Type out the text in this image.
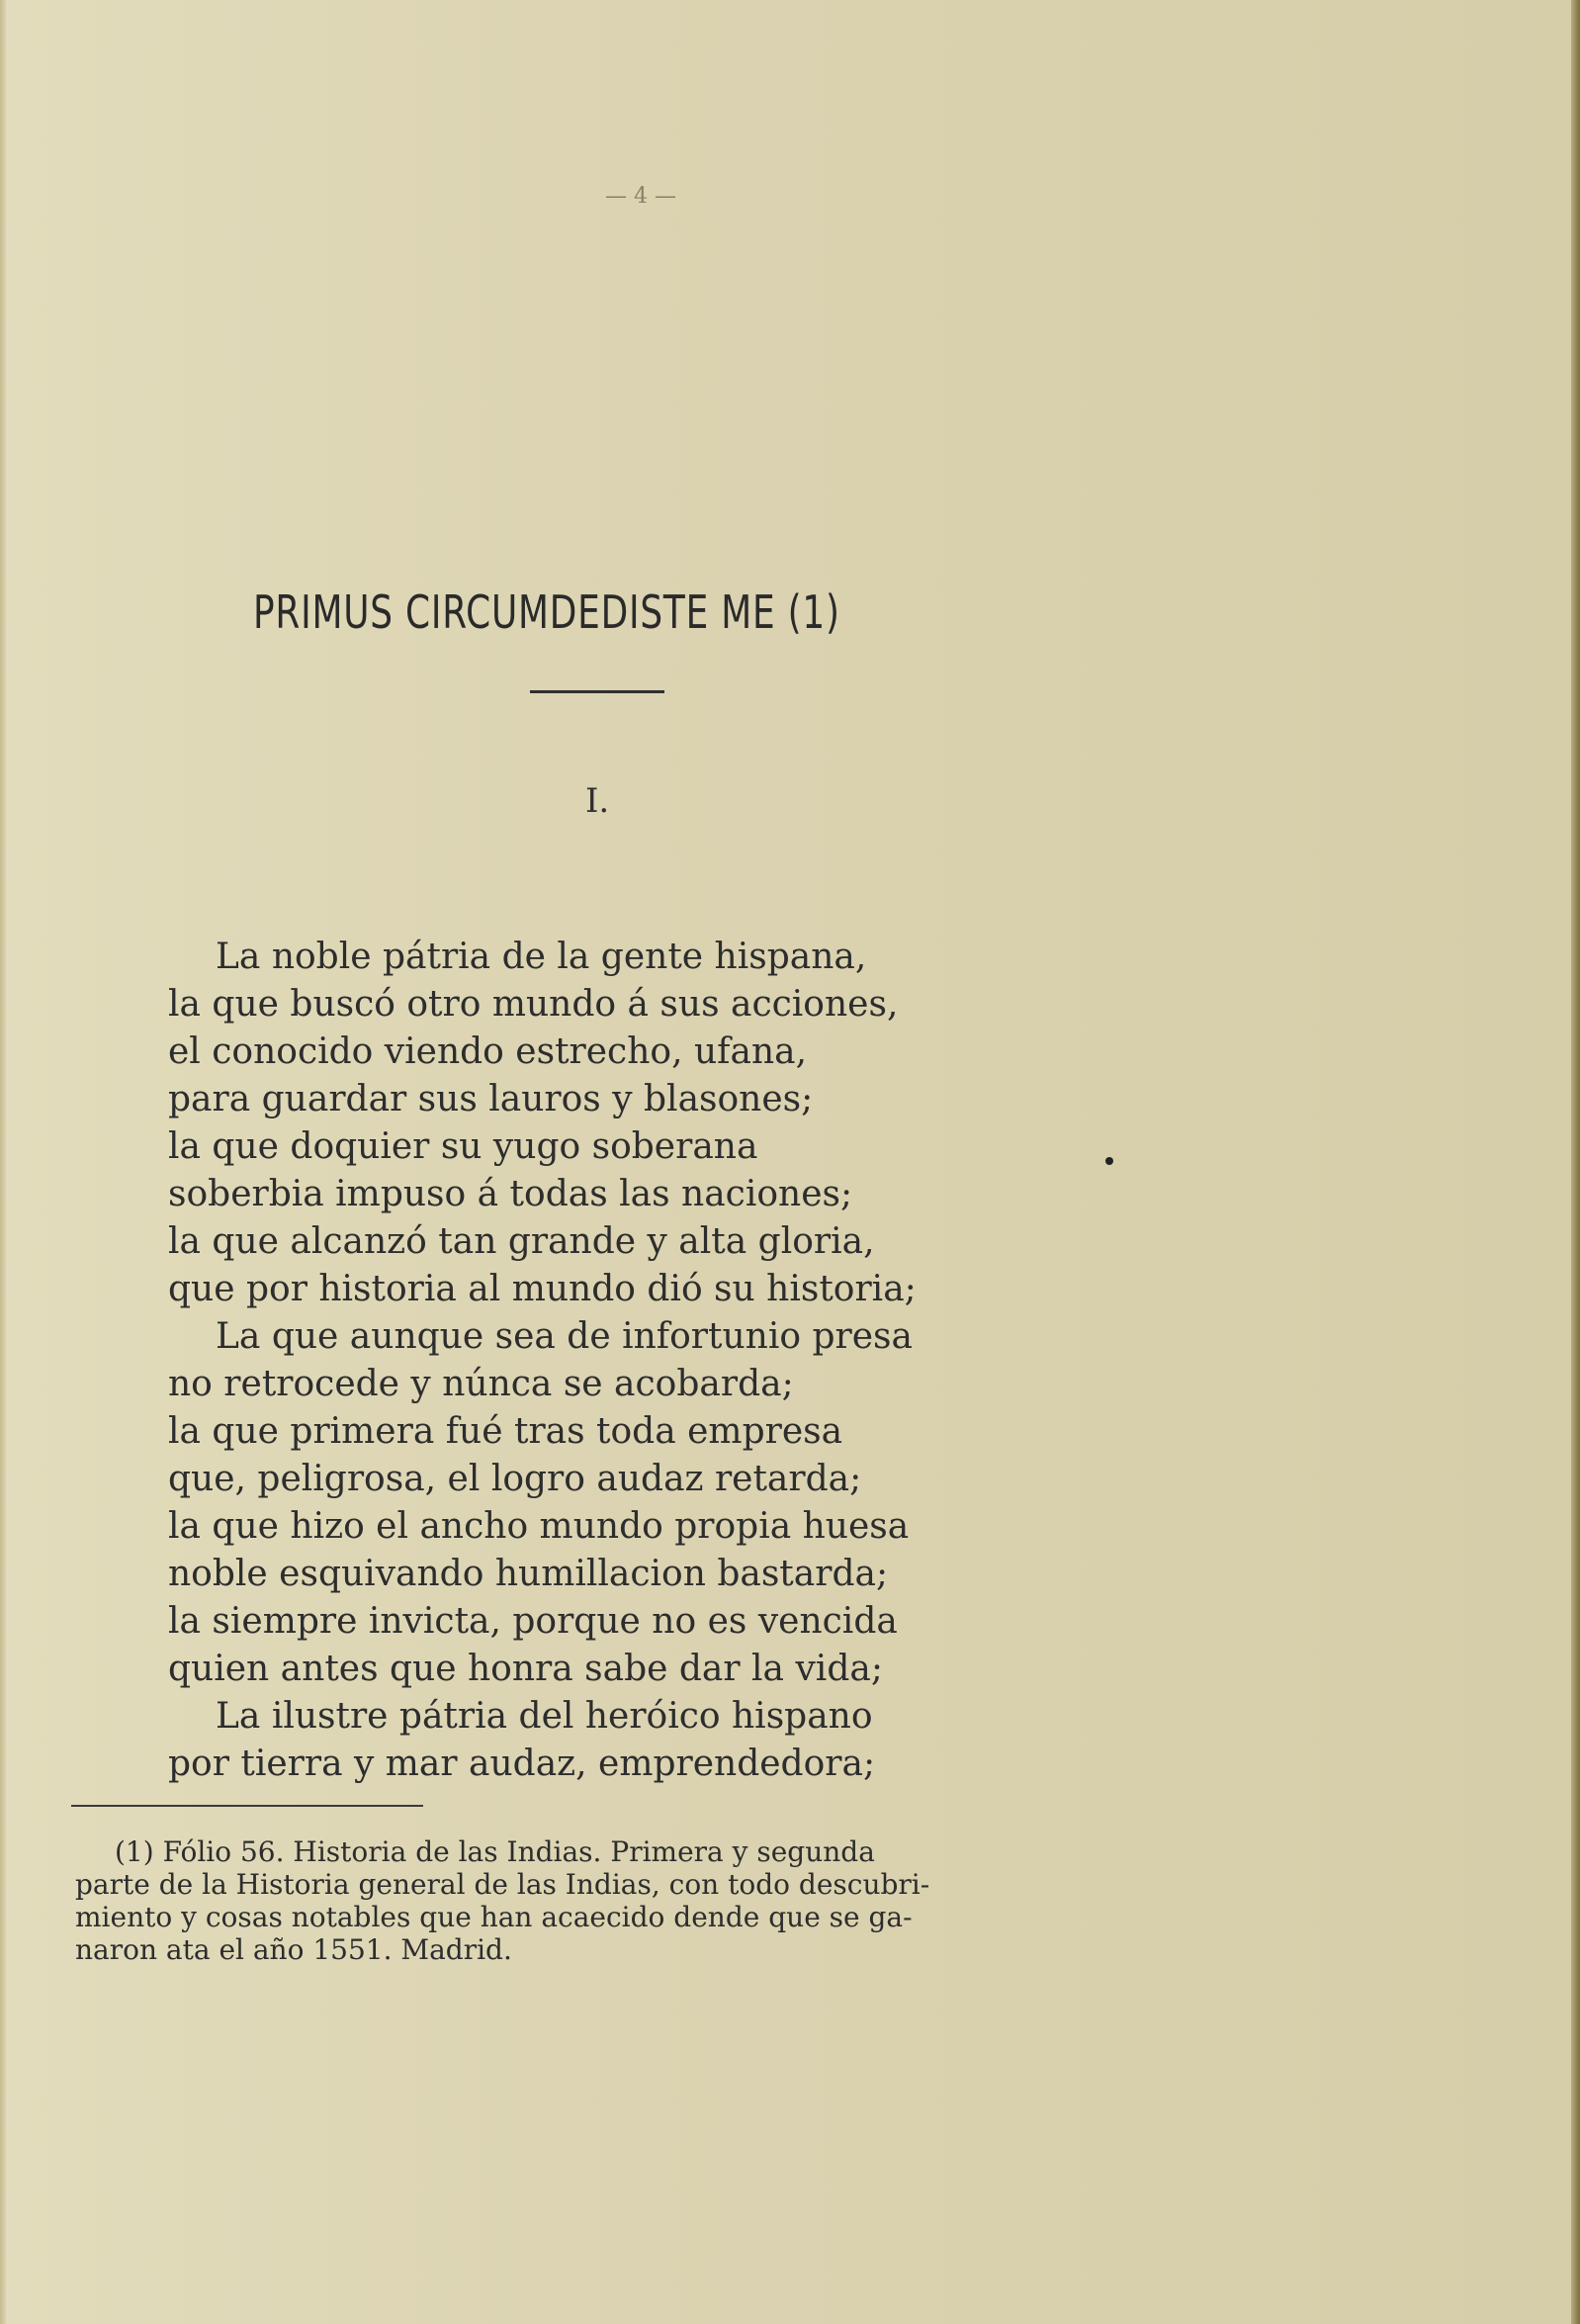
— 4 —
PRIMUS CIRCUMDEDISTE ME (1)
I.
La noble pátria de la gente hispana,
la que buscó otro mundo á sus acciones,
el conocido viendo estrecho, ufana,
para guardar sus lauros y blasones;
la que doquier su yugo soberana
soberbia impuso á todas las naciones;
la que alcanzó tan grande y alta gloria,
que por historia al mundo dió su historia;
La que aunque sea de infortunio presa
no retrocede y núnca se acobarda;
la que primera fué tras toda empresa
que, peligrosa, el logro audaz retarda;
la que hizo el ancho mundo propia huesa
noble esquivando humillacion bastarda;
la siempre invicta, porque no es vencida
quien antes que honra sabe dar la vida;
La ilustre pátria del heróico hispano
por tierra y mar audaz, emprendedora;
(1) Fólio 56. Historia de las Indias. Primera y segunda
parte de la Historia general de las Indias, con todo descubri-
miento y cosas notables que han acaecido dende que se ga-
naron ata el año 1551. Madrid.
